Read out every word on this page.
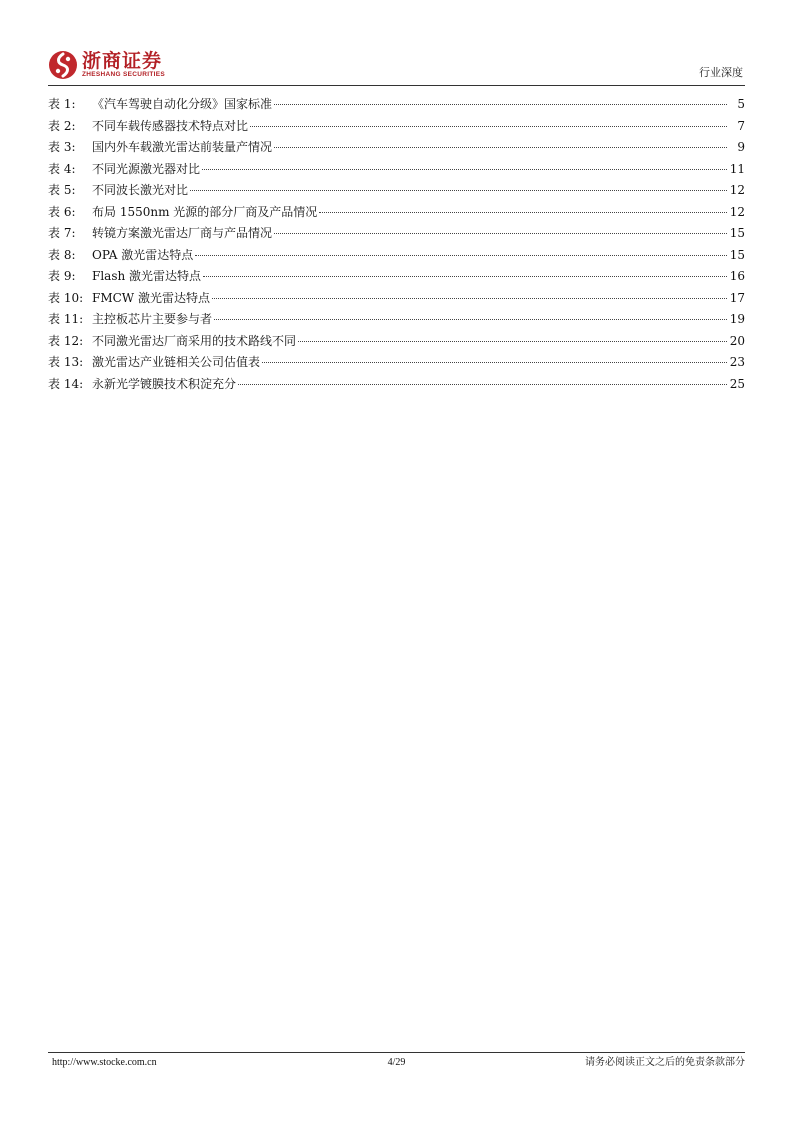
浙商证券
ZHESHANG SECURITIES	行业深度
表 1:	《汽车驾驶自动化分级》国家标准	5
表 2:	不同车载传感器技术特点对比	7
表 3:	国内外车载激光雷达前装量产情况	9
表 4:	不同光源激光器对比	11
表 5:	不同波长激光对比	12
表 6:	布局 1550nm 光源的部分厂商及产品情况	12
表 7:	转镜方案激光雷达厂商与产品情况	15
表 8:	OPA 激光雷达特点	15
表 9:	Flash 激光雷达特点	16
表 10: FMCW 激光雷达特点	17
表 11: 主控板芯片主要参与者	19
表 12: 不同激光雷达厂商采用的技术路线不同	20
表 13: 激光雷达产业链相关公司估值表	23
表 14: 永新光学镀膜技术积淀充分	25
http://www.stocke.com.cn	4/29	请务必阅读正文之后的免责条款部分
